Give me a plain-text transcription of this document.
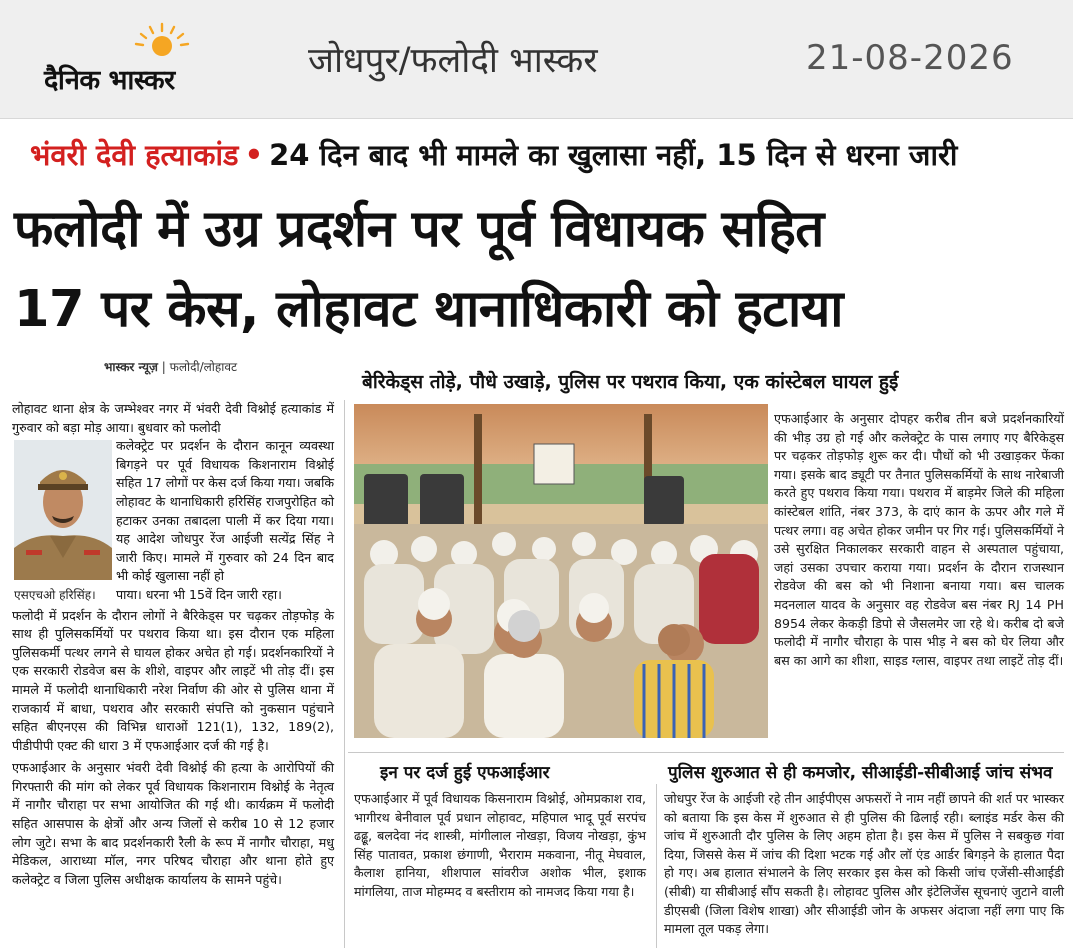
दैनिक भास्कर	जोधपुर/फलोदी भास्कर	21-08-2026
भंवरी देवी हत्याकांड • 24 दिन बाद भी मामले का खुलासा नहीं, 15 दिन से धरना जारी
फलोदी में उग्र प्रदर्शन पर पूर्व विधायक सहित
17 पर केस, लोहावट थानाधिकारी को हटाया
भास्कर न्यूज़ | फलोदी/लोहावट
बेरिकेड्स तोड़े, पौधे उखाड़े, पुलिस पर पथराव किया, एक कांस्टेबल घायल हुई

लोहावट थाना क्षेत्र के जम्भेश्वर नगर में भंवरी देवी विश्नोई हत्याकांड में गुरुवार को बड़ा मोड़ आया। बुधवार को फलोदी

कलेक्ट्रेट पर प्रदर्शन के दौरान कानून व्यवस्था बिगड़ने पर पूर्व विधायक किशनाराम विश्नोई सहित 17 लोगों पर केस दर्ज किया गया। जबकि लोहावट के थानाधिकारी हरिसिंह राजपुरोहित को हटाकर उनका तबादला पाली में कर दिया गया। यह आदेश जोधपुर रेंज आईजी सत्येंद्र सिंह ने जारी किए। मामले में गुरुवार को 24 दिन बाद भी कोई खुलासा नहीं हो

पाया। धरना भी 15वें दिन जारी रहा।

फलोदी में प्रदर्शन के दौरान लोगों ने बैरिकेड्स पर चढ़कर तोड़फोड़ के साथ ही पुलिसकर्मियों पर पथराव किया था। इस दौरान एक महिला पुलिसकर्मी पत्थर लगने से घायल होकर अचेत हो गई। प्रदर्शनकारियों ने एक सरकारी रोडवेज बस के शीशे, वाइपर और लाइटें भी तोड़ दीं। इस मामले में फलोदी थानाधिकारी नरेश निर्वाण की ओर से पुलिस थाना में राजकार्य में बाधा, पथराव और सरकारी संपत्ति को नुकसान पहुंचाने सहित बीएनएस की विभिन्न धाराओं 121(1), 132, 189(2), पीडीपीपी एक्ट की धारा 3 में एफआईआर दर्ज की गई है।

एफआईआर के अनुसार भंवरी देवी विश्नोई की हत्या के आरोपियों की गिरफ्तारी की मांग को लेकर पूर्व विधायक किशनाराम विश्नोई के नेतृत्व में नागौर चौराहा पर सभा आयोजित की गई थी। कार्यक्रम में फलोदी सहित आसपास के क्षेत्रों और अन्य जिलों से करीब 10 से 12 हजार लोग जुटे। सभा के बाद प्रदर्शनकारी रैली के रूप में नागौर चौराहा, मधु मेडिकल, आराध्या मॉल, नगर परिषद चौराहा और थाना होते हुए कलेक्ट्रेट व जिला पुलिस अधीक्षक कार्यालय के सामने पहुंचे।

एसएचओ हरिसिंह।

एफआईआर के अनुसार दोपहर करीब तीन बजे प्रदर्शनकारियों की भीड़ उग्र हो गई और कलेक्ट्रेट के पास लगाए गए बैरिकेड्स पर चढ़कर तोड़फोड़ शुरू कर दी। पौधों को भी उखाड़कर फेंका गया। इसके बाद ड्यूटी पर तैनात पुलिसकर्मियों के साथ नारेबाजी करते हुए पथराव किया गया। पथराव में बाड़मेर जिले की महिला कांस्टेबल शांति, नंबर 373, के दाएं कान के ऊपर और गले में पत्थर लगा। वह अचेत होकर जमीन पर गिर गई। पुलिसकर्मियों ने उसे सुरक्षित निकालकर सरकारी वाहन से अस्पताल पहुंचाया, जहां उसका उपचार कराया गया। प्रदर्शन के दौरान राजस्थान रोडवेज की बस को भी निशाना बनाया गया। बस चालक मदनलाल यादव के अनुसार वह रोडवेज बस नंबर RJ 14 PH 8954 लेकर केकड़ी डिपो से जैसलमेर जा रहे थे। करीब दो बजे फलोदी में नागौर चौराहा के पास भीड़ ने बस को घेर लिया और बस का आगे का शीशा, साइड ग्लास, वाइपर तथा लाइटें तोड़ दीं।

इन पर दर्ज हुई एफआईआर	पुलिस शुरुआत से ही कमजोर, सीआईडी-सीबीआई जांच संभव

एफआईआर में पूर्व विधायक किसनाराम विश्नोई, ओमप्रकाश राव, भागीरथ बेनीवाल पूर्व प्रधान लोहावट, महिपाल भादू पूर्व सरपंच ढढ्ढू, बलदेवा नंद शास्त्री, मांगीलाल नोखड़ा, विजय नोखड़ा, कुंभ सिंह पातावत, प्रकाश छंगाणी, भैराराम मकवाना, नीतू मेघवाल, कैलाश हानिया, शीशपाल सांवरीज अशोक भील, इशाक मांगलिया, ताज मोहम्मद व बस्तीराम को नामजद किया गया है।

जोधपुर रेंज के आईजी रहे तीन आईपीएस अफसरों ने नाम नहीं छापने की शर्त पर भास्कर को बताया कि इस केस में शुरुआत से ही पुलिस की ढिलाई रही। ब्लाइंड मर्डर केस की जांच में शुरुआती दौर पुलिस के लिए अहम होता है। इस केस में पुलिस ने सबकुछ गंवा दिया, जिससे केस में जांच की दिशा भटक गई और लॉ एंड आर्डर बिगड़ने के हालात पैदा हो गए। अब हालात संभालने के लिए सरकार इस केस को किसी जांच एजेंसी-सीआईडी (सीबी) या सीबीआई सौंप सकती है। लोहावट पुलिस और इंटेलिजेंस सूचनाएं जुटाने वाली डीएसबी (जिला विशेष शाखा) और सीआईडी जोन के अफसर अंदाजा नहीं लगा पाए कि मामला तूल पकड़ लेगा।
